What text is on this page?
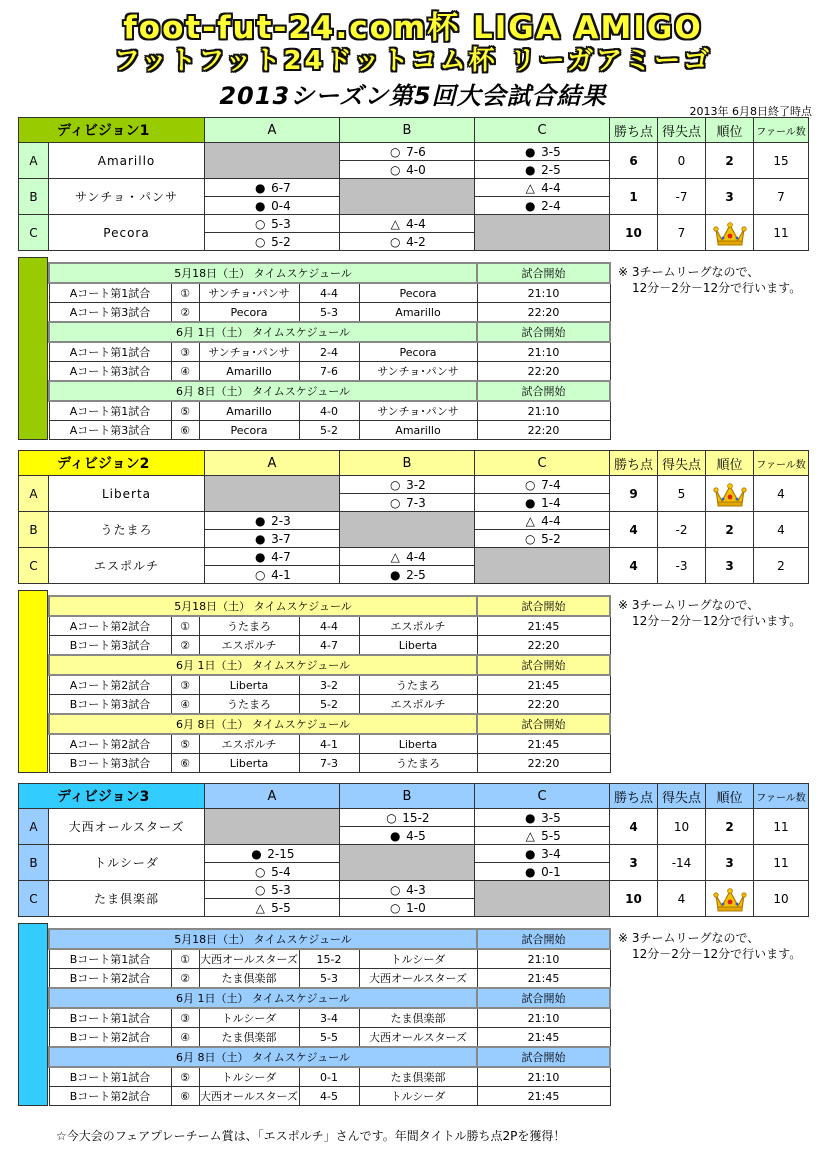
foot-fut-24.com杯 LIGA AMIGO
フットフット24ドットコム杯 リーガアミーゴ
2013シーズン第5回大会試合結果
2013年 6月8日終了時点
ディビジョン1		A	B	C	勝ち点	得失点	順位	ファール数
A	Amarillo		○ 7-6	● 3-5	6	0	2	15
			○ 4-0	● 2-5				
B	サンチョ・パンサ	● 6-7		△ 4-4	1	-7	3	7
		● 0-4		● 2-4				
C	Pecora	○ 5-3	△ 4-4		10	7		11
		○ 5-2	○ 4-2					
5月18日（土） タイムスケジュール					試合開始
Aコート第1試合	①	サンチョ･パンサ	4-4	Pecora	21:10
Aコート第3試合	②	Pecora	5-3	Amarillo	22:20
6月 1日（土） タイムスケジュール					試合開始
Aコート第1試合	③	サンチョ･パンサ	2-4	Pecora	21:10
Aコート第3試合	④	Amarillo	7-6	サンチョ･パンサ	22:20
6月 8日（土） タイムスケジュール					試合開始
Aコート第1試合	⑤	Amarillo	4-0	サンチョ･パンサ	21:10
Aコート第3試合	⑥	Pecora	5-2	Amarillo	22:20
※ 3チームリーグなので、
12分－2分－12分で行います。
ディビジョン2		A	B	C	勝ち点	得失点	順位	ファール数
A	Liberta		○ 3-2	○ 7-4	9	5		4
			○ 7-3	● 1-4				
B	うたまろ	● 2-3		△ 4-4	4	-2	2	4
		● 3-7		○ 5-2				
C	エスポルチ	● 4-7	△ 4-4		4	-3	3	2
		○ 4-1	● 2-5					
5月18日（土） タイムスケジュール					試合開始
Aコート第2試合	①	うたまろ	4-4	エスポルチ	21:45
Bコート第3試合	②	エスポルチ	4-7	Liberta	22:20
6月 1日（土） タイムスケジュール					試合開始
Aコート第2試合	③	Liberta	3-2	うたまろ	21:45
Bコート第3試合	④	うたまろ	5-2	エスポルチ	22:20
6月 8日（土） タイムスケジュール					試合開始
Aコート第2試合	⑤	エスポルチ	4-1	Liberta	21:45
Bコート第3試合	⑥	Liberta	7-3	うたまろ	22:20
※ 3チームリーグなので、
12分－2分－12分で行います。
ディビジョン3		A	B	C	勝ち点	得失点	順位	ファール数
A	大西オールスターズ		○ 15-2	● 3-5	4	10	2	11
			● 4-5	△ 5-5				
B	トルシーダ	● 2-15		● 3-4	3	-14	3	11
		○ 5-4		● 0-1				
C	たま倶楽部	○ 5-3	○ 4-3		10	4		10
		△ 5-5	○ 1-0					
5月18日（土） タイムスケジュール					試合開始
Bコート第1試合	①	大西オールスターズ	15-2	トルシーダ	21:10
Bコート第2試合	②	たま倶楽部	5-3	大西オールスターズ	21:45
6月 1日（土） タイムスケジュール					試合開始
Bコート第1試合	③	トルシーダ	3-4	たま倶楽部	21:10
Bコート第2試合	④	たま倶楽部	5-5	大西オールスターズ	21:45
6月 8日（土） タイムスケジュール					試合開始
Bコート第1試合	⑤	トルシーダ	0-1	たま倶楽部	21:10
Bコート第2試合	⑥	大西オールスターズ	4-5	トルシーダ	21:45
※ 3チームリーグなので、
12分－2分－12分で行います。
☆今大会のフェアプレーチーム賞は、「エスポルチ」さんです。年間タイトル勝ち点2Pを獲得！
